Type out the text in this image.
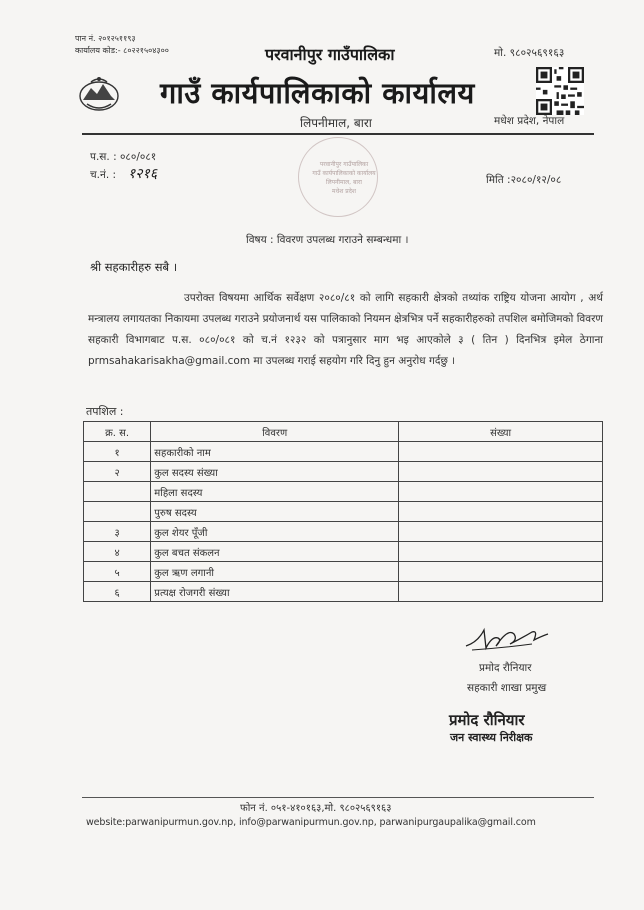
पान नं. २०१२५११९३
कार्यालय कोड:- ८०२२१५०४३००	परवानीपुर गाउँपालिका
गाउँ कार्यपालिकाको कार्यालय
लिपनीमाल, बारा	मधेश प्रदेश, नेपाल
मो. ९८०२५६९१६३
प.स. : ०८०/०८१
च.नं. : १२१६	मिति :२०८०/१२/०८
परवानीपुर गाउँपालिका
गाउँ कार्यपालिकाको कार्यालय
लिपनीमाल, बारा
मधेश प्रदेश
विषय : विवरण उपलब्ध गराउने सम्बन्धमा ।
श्री सहकारीहरु सबै ।
उपरोक्त विषयमा आर्थिक सर्वेक्षण २०८०/८१ को लागि सहकारी क्षेत्रको तथ्यांक राष्ट्रिय योजना आयोग , अर्थ मन्त्रालय लगायतका निकायमा उपलब्ध गराउने प्रयोजनार्थ यस पालिकाको नियमन क्षेत्रभित्र पर्ने सहकारीहरुको तपशिल बमोजिमको विवरण सहकारी विभागबाट प.स. ०८०/०८१ को च.नं १२३२ को पत्रानुसार माग भइ आएकोले ३ ( तिन ) दिनभित्र इमेल ठेगाना prmsahakarisakha@gmail.com मा उपलब्ध गराई सहयोग गरि दिनु हुन अनुरोध गर्दछु ।
तपशिल :
क्र. स.	विवरण	संख्या
१	सहकारीको नाम	
२	कुल सदस्य संख्या	
	महिला सदस्य	
	पुरुष सदस्य	
३	कुल शेयर पूँजी	
४	कुल बचत संकलन	
५	कुल ऋण लगानी	
६	प्रत्यक्ष रोजगरी संख्या	
प्रमोद रौनियार
सहकारी शाखा प्रमुख
प्रमोद रौनियार
जन स्वास्थ्य निरीक्षक
फोन नं. ०५१-४१०१६३,मो. ९८०२५६९१६३
website:parwanipurmun.gov.np, info@parwanipurmun.gov.np, parwanipurgaupalika@gmail.com
